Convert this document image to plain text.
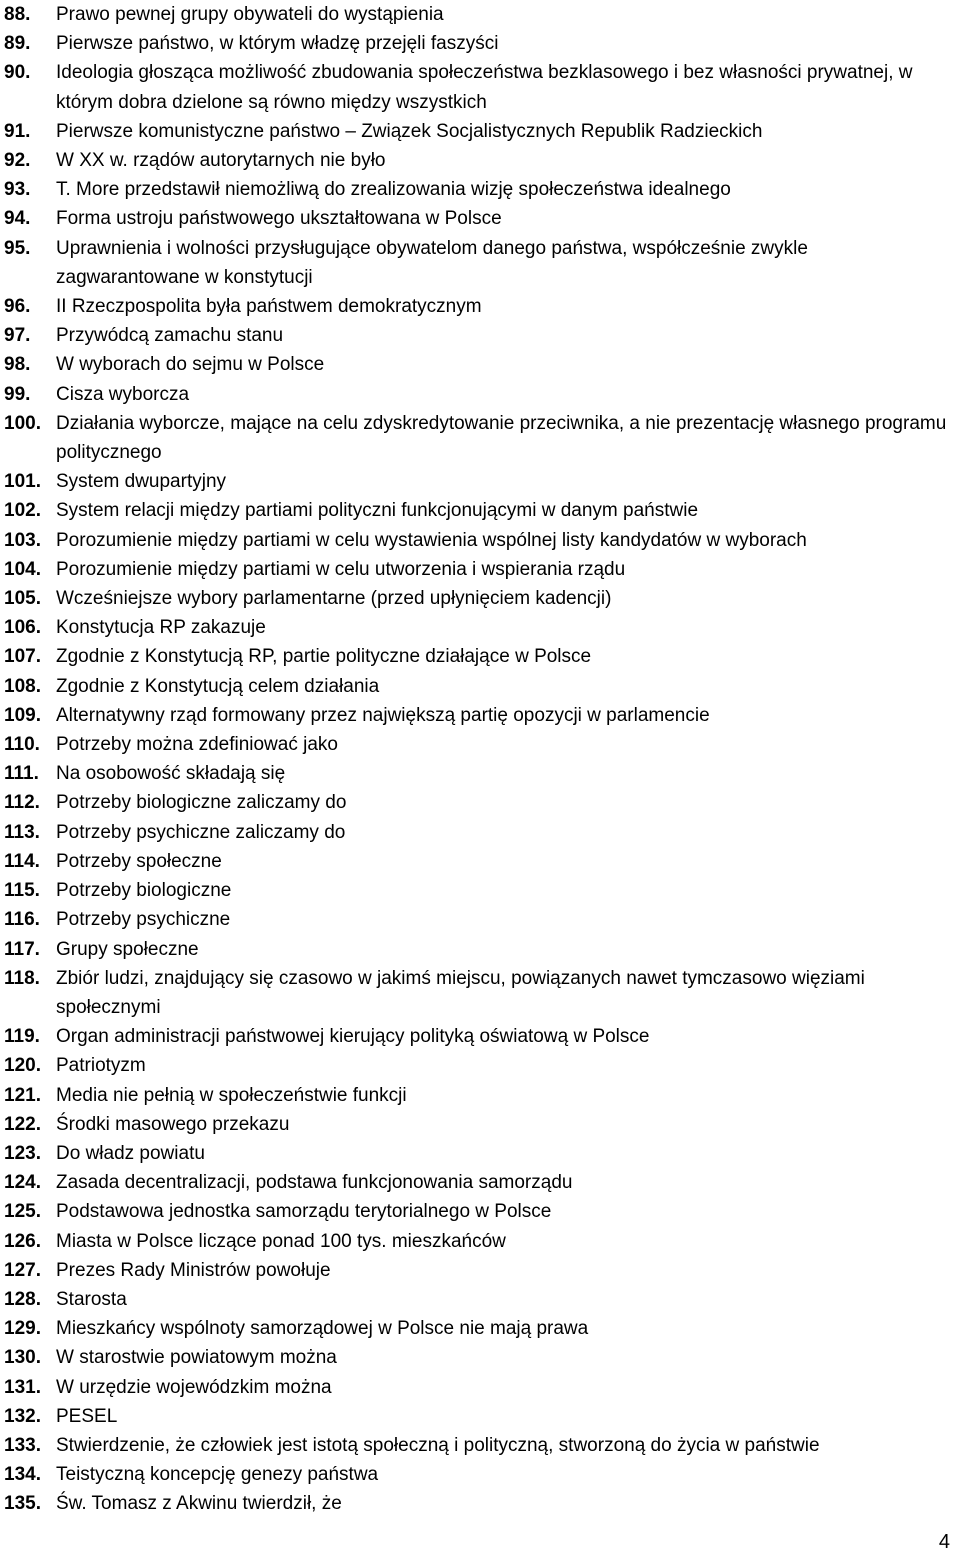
88.	Prawo pewnej grupy obywateli do wystąpienia
89.	Pierwsze państwo, w którym władzę przejęli faszyści
90.	Ideologia głosząca możliwość zbudowania społeczeństwa bezklasowego i bez własności prywatnej, w którym dobra dzielone są równo między wszystkich
91.	Pierwsze komunistyczne państwo – Związek Socjalistycznych Republik Radzieckich
92.	W XX w. rządów autorytarnych nie było
93.	T. More przedstawił niemożliwą do zrealizowania wizję społeczeństwa idealnego
94.	Forma ustroju państwowego ukształtowana w Polsce
95.	Uprawnienia i wolności przysługujące obywatelom danego państwa, współcześnie zwykle zagwarantowane w konstytucji
96.	II Rzeczpospolita była państwem demokratycznym
97.	Przywódcą zamachu stanu
98.	W wyborach do sejmu w Polsce
99.	Cisza wyborcza
100. Działania wyborcze, mające na celu zdyskredytowanie przeciwnika, a nie prezentację własnego programu politycznego
101. System dwupartyjny
102. System relacji między partiami polityczni funkcjonującymi w danym państwie
103. Porozumienie między partiami w celu wystawienia wspólnej listy kandydatów w wyborach
104. Porozumienie między partiami w celu utworzenia i wspierania rządu
105. Wcześniejsze wybory parlamentarne (przed upłynięciem kadencji)
106. Konstytucja RP zakazuje
107. Zgodnie z Konstytucją RP, partie polityczne działające w Polsce
108. Zgodnie z Konstytucją celem działania
109. Alternatywny rząd formowany przez największą partię opozycji w parlamencie
110. Potrzeby można zdefiniować jako
111. Na osobowość składają się
112. Potrzeby biologiczne zaliczamy do
113. Potrzeby psychiczne zaliczamy do
114. Potrzeby społeczne
115. Potrzeby biologiczne
116. Potrzeby psychiczne
117. Grupy społeczne
118. Zbiór ludzi, znajdujący się czasowo w jakimś miejscu, powiązanych nawet tymczasowo więziami społecznymi
119. Organ administracji państwowej kierujący polityką oświatową w Polsce
120. Patriotyzm
121. Media nie pełnią w społeczeństwie funkcji
122. Środki masowego przekazu
123. Do władz powiatu
124. Zasada decentralizacji, podstawa funkcjonowania samorządu
125. Podstawowa jednostka samorządu terytorialnego w Polsce
126. Miasta w Polsce liczące ponad 100 tys. mieszkańców
127. Prezes Rady Ministrów powołuje
128. Starosta
129. Mieszkańcy wspólnoty samorządowej w Polsce nie mają prawa
130. W starostwie powiatowym można
131. W urzędzie wojewódzkim można
132. PESEL
133. Stwierdzenie, że człowiek jest istotą społeczną i polityczną, stworzoną do życia w państwie
134. Teistyczną koncepcję genezy państwa
135. Św. Tomasz z Akwinu twierdził, że
4
